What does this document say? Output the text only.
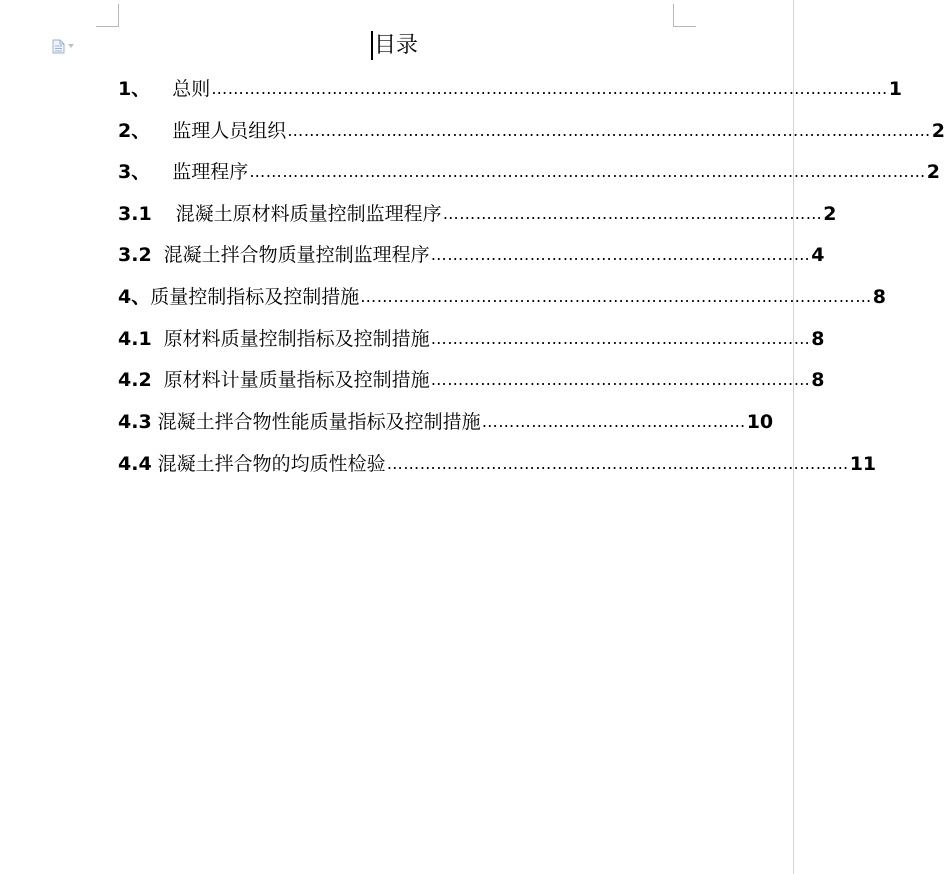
目录
1、 总则 …………………………………………………………………………………………………………… 1
2、 监理人员组织 ……………………………………………………………………………………………………… 2
3、 监理程序 …………………………………………………………………………………………………………… 2
3.1 混凝土原材料质量控制监理程序 …………………………………………………………… 2
3.2 混凝土拌合物质量控制监理程序 …………………………………………………………… 4
4、 质量控制指标及控制措施 ………………………………………………………………………………… 8
4.1 原材料质量控制指标及控制措施 …………………………………………………………… 8
4.2 原材料计量质量指标及控制措施 …………………………………………………………… 8
4.3 混凝土拌合物性能质量指标及控制措施 ………………………………………… 10
4.4 混凝土拌合物的均质性检验 ………………………………………………………………………… 11
